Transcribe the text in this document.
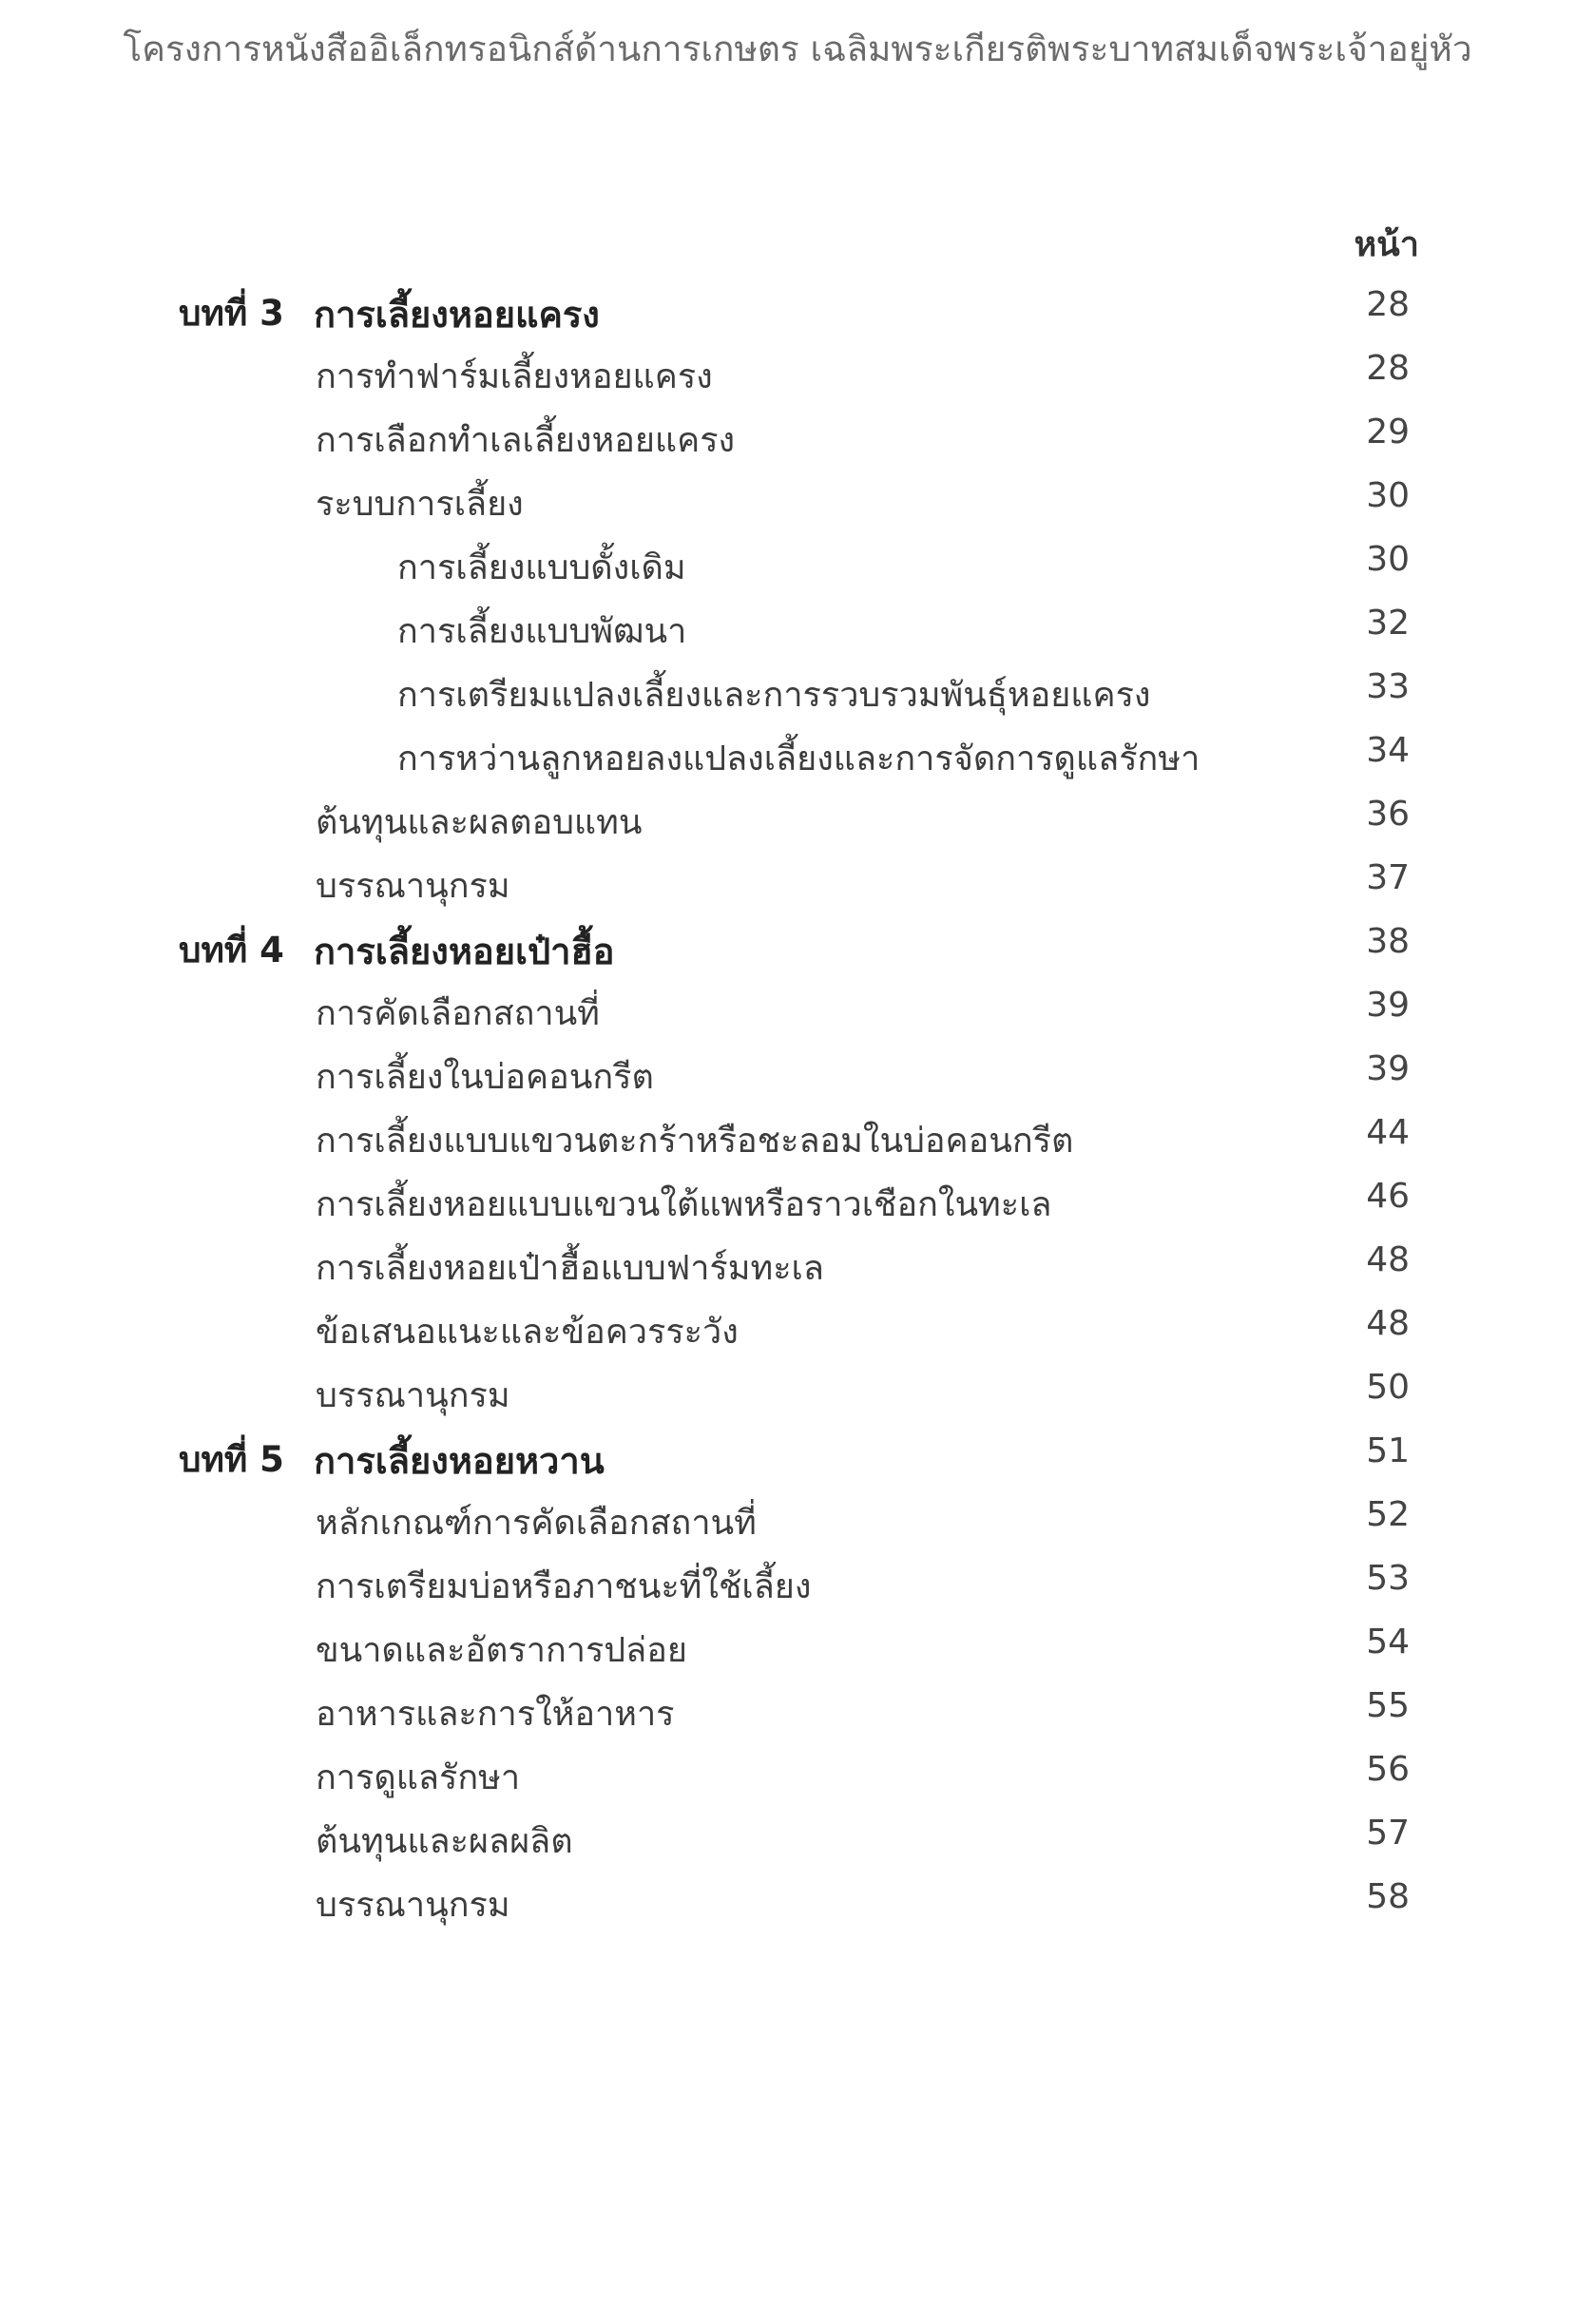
โครงการหนังสืออิเล็กทรอนิกส์ด้านการเกษตร เฉลิมพระเกียรติพระบาทสมเด็จพระเจ้าอยู่หัว
หน้า
บทที่ 3 การเลี้ยงหอยแครง	28
การทำฟาร์มเลี้ยงหอยแครง	28
การเลือกทำเลเลี้ยงหอยแครง	29
ระบบการเลี้ยง	30
การเลี้ยงแบบดั้งเดิม	30
การเลี้ยงแบบพัฒนา	32
การเตรียมแปลงเลี้ยงและการรวบรวมพันธุ์หอยแครง	33
การหว่านลูกหอยลงแปลงเลี้ยงและการจัดการดูแลรักษา	34
ต้นทุนและผลตอบแทน	36
บรรณานุกรม	37
บทที่ 4 การเลี้ยงหอยเป๋าฮื้อ	38
การคัดเลือกสถานที่	39
การเลี้ยงในบ่อคอนกรีต	39
การเลี้ยงแบบแขวนตะกร้าหรือชะลอมในบ่อคอนกรีต	44
การเลี้ยงหอยแบบแขวนใต้แพหรือราวเชือกในทะเล	46
การเลี้ยงหอยเป๋าฮื้อแบบฟาร์มทะเล	48
ข้อเสนอแนะและข้อควรระวัง	48
บรรณานุกรม	50
บทที่ 5 การเลี้ยงหอยหวาน	51
หลักเกณฑ์การคัดเลือกสถานที่	52
การเตรียมบ่อหรือภาชนะที่ใช้เลี้ยง	53
ขนาดและอัตราการปล่อย	54
อาหารและการให้อาหาร	55
การดูแลรักษา	56
ต้นทุนและผลผลิต	57
บรรณานุกรม	58
